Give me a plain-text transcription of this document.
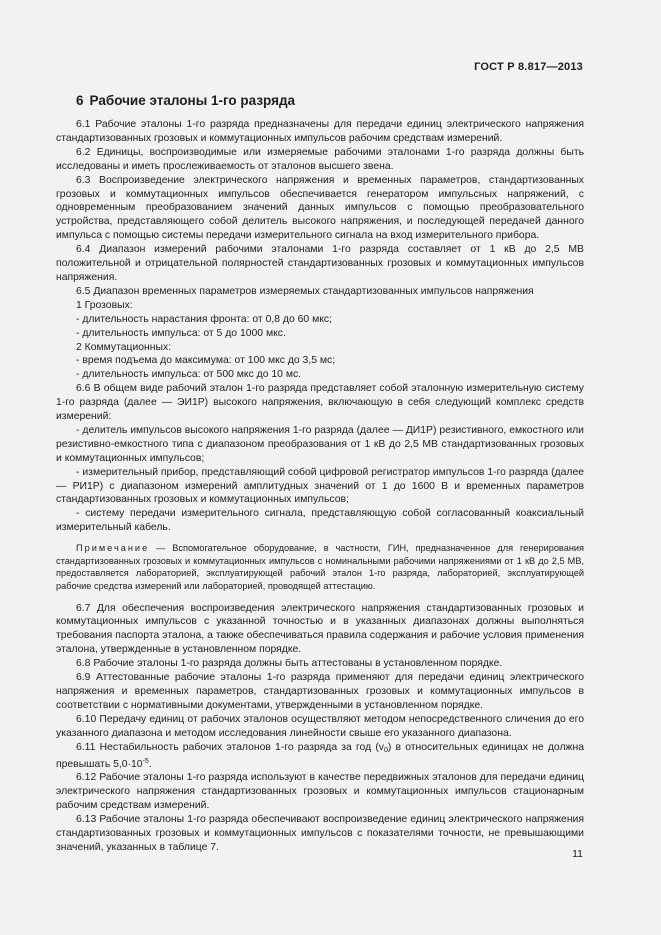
ГОСТ Р 8.817—2013
6 Рабочие эталоны 1-го разряда

6.1 Рабочие эталоны 1-го разряда предназначены для передачи единиц электрического напряжения стандартизованных грозовых и коммутационных импульсов рабочим средствам измерений.

6.2 Единицы, воспроизводимые или измеряемые рабочими эталонами 1-го разряда должны быть исследованы и иметь прослеживаемость от эталонов высшего звена.

6.3 Воспроизведение электрического напряжения и временных параметров, стандартизованных грозовых и коммутационных импульсов обеспечивается генератором импульсных напряжений, с одновременным преобразованием значений данных импульсов с помощью преобразовательного устройства, представляющего собой делитель высокого напряжения, и последующей передачей данного импульса с помощью системы передачи измерительного сигнала на вход измерительного прибора.

6.4 Диапазон измерений рабочими эталонами 1-го разряда составляет от 1 кВ до 2,5 МВ положительной и отрицательной полярностей стандартизованных грозовых и коммутационных импульсов напряжения.

6.5 Диапазон временных параметров измеряемых стандартизованных импульсов напряжения

1 Грозовых:

- длительность нарастания фронта: от 0,8 до 60 мкс;

- длительность импульса: от 5 до 1000 мкс.

2 Коммутационных:

- время подъема до максимума: от 100 мкс до 3,5 мс;

- длительность импульса: от 500 мкс до 10 мс.

6.6 В общем виде рабочий эталон 1-го разряда представляет собой эталонную измерительную систему 1-го разряда (далее — ЭИ1Р) высокого напряжения, включающую в себя следующий комплекс средств измерений:

- делитель импульсов высокого напряжения 1-го разряда (далее — ДИ1Р) резистивного, емкостного или резистивно-емкостного типа с диапазоном преобразования от 1 кВ до 2,5 МВ стандартизованных грозовых и коммутационных импульсов;

- измерительный прибор, представляющий собой цифровой регистратор импульсов 1-го разряда (далее — РИ1Р) с диапазоном измерений амплитудных значений от 1 до 1600 В и временных параметров стандартизованных грозовых и коммутационных импульсов;

- систему передачи измерительного сигнала, представляющую собой согласованный коаксиальный измерительный кабель.

Примечание — Вспомогательное оборудование, в частности, ГИН, предназначенное для генерирования стандартизованных грозовых и коммутационных импульсов с номинальными рабочими напряжениями от 1 кВ до 2,5 МВ, предоставляется лабораторией, эксплуатирующей рабочий эталон 1-го разряда, лабораторией, эксплуатирующей рабочие средства измерений или лабораторией, проводящей аттестацию.

6.7 Для обеспечения воспроизведения электрического напряжения стандартизованных грозовых и коммутационных импульсов с указанной точностью и в указанных диапазонах должны выполняться требования паспорта эталона, а также обеспечиваться правила содержания и рабочие условия применения эталона, утвержденные в установленном порядке.

6.8 Рабочие эталоны 1-го разряда должны быть аттестованы в установленном порядке.

6.9 Аттестованные рабочие эталоны 1-го разряда применяют для передачи единиц электрического напряжения и временных параметров, стандартизованных грозовых и коммутационных импульсов в соответствии с нормативными документами, утвержденными в установленном порядке.

6.10 Передачу единиц от рабочих эталонов осуществляют методом непосредственного сличения до его указанного диапазона и методом исследования линейности свыше его указанного диапазона.

6.11 Нестабильность рабочих эталонов 1-го разряда за год $(v_0)$ в относительных единицах не должна превышать $5,0\cdot 10^{-5}$.

6.12 Рабочие эталоны 1-го разряда используют в качестве передвижных эталонов для передачи единиц электрического напряжения стандартизованных грозовых и коммутационных импульсов стационарным рабочим средствам измерений.

6.13 Рабочие эталоны 1-го разряда обеспечивают воспроизведение единиц электрического напряжения стандартизованных грозовых и коммутационных импульсов с показателями точности, не превышающими значений, указанных в таблице 7.

11
